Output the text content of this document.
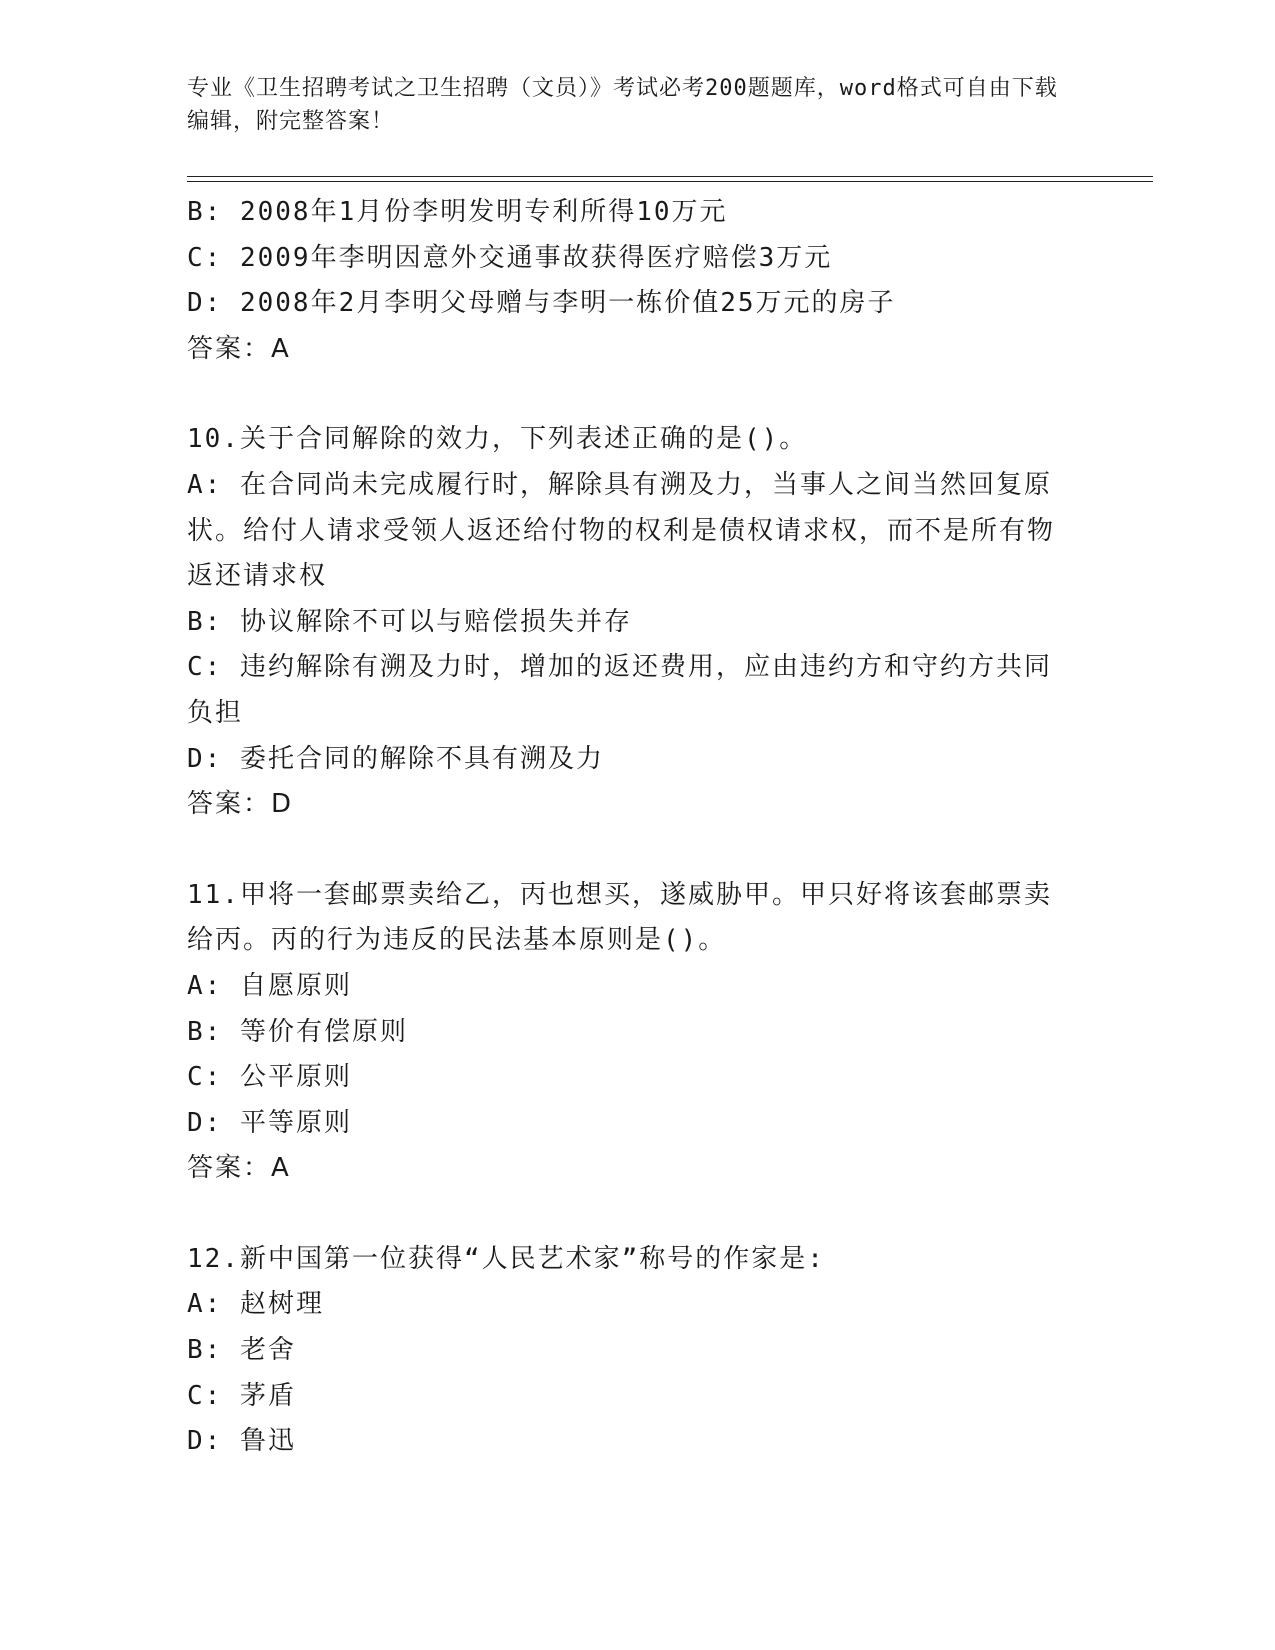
专业《卫生招聘考试之卫生招聘（文员）》考试必考200题题库，word格式可自由下载编辑，附完整答案！
B: 2008年1月份李明发明专利所得10万元
C: 2009年李明因意外交通事故获得医疗赔偿3万元
D: 2008年2月李明父母赠与李明一栋价值25万元的房子
答案：A
10.关于合同解除的效力，下列表述正确的是()。
A: 在合同尚未完成履行时，解除具有溯及力，当事人之间当然回复原状。给付人请求受领人返还给付物的权利是债权请求权，而不是所有物返还请求权
B: 协议解除不可以与赔偿损失并存
C: 违约解除有溯及力时，增加的返还费用，应由违约方和守约方共同负担
D: 委托合同的解除不具有溯及力
答案：D
11.甲将一套邮票卖给乙，丙也想买，遂威胁甲。甲只好将该套邮票卖给丙。丙的行为违反的民法基本原则是()。
A: 自愿原则
B: 等价有偿原则
C: 公平原则
D: 平等原则
答案：A
12.新中国第一位获得“人民艺术家”称号的作家是:
A: 赵树理
B: 老舍
C: 茅盾
D: 鲁迅
